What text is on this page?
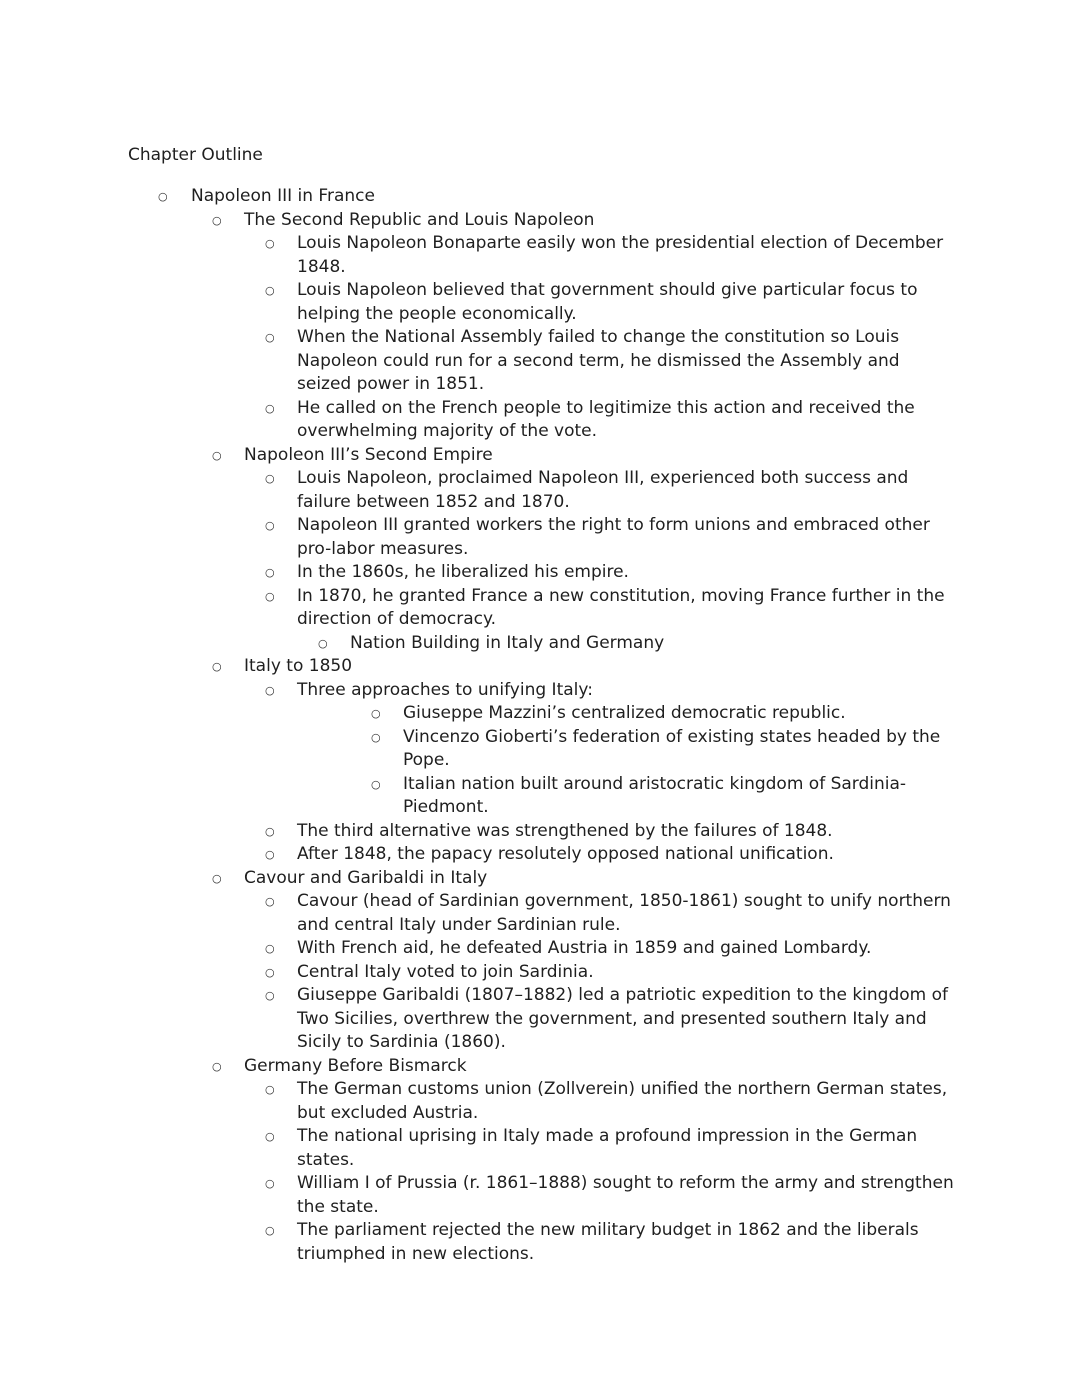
Chapter Outline
○ Napoleon III in France
○ The Second Republic and Louis Napoleon
○ Louis Napoleon Bonaparte easily won the presidential election of December 1848.
○ Louis Napoleon believed that government should give particular focus to helping the people economically.
○ When the National Assembly failed to change the constitution so Louis Napoleon could run for a second term, he dismissed the Assembly and seized power in 1851.
○ He called on the French people to legitimize this action and received the overwhelming majority of the vote.
○ Napoleon III’s Second Empire
○ Louis Napoleon, proclaimed Napoleon III, experienced both success and failure between 1852 and 1870.
○ Napoleon III granted workers the right to form unions and embraced other pro-labor measures.
○ In the 1860s, he liberalized his empire.
○ In 1870, he granted France a new constitution, moving France further in the direction of democracy.
○ Nation Building in Italy and Germany
○ Italy to 1850
○ Three approaches to unifying Italy:
○ Giuseppe Mazzini’s centralized democratic republic.
○ Vincenzo Gioberti’s federation of existing states headed by the Pope.
○ Italian nation built around aristocratic kingdom of Sardinia-Piedmont.
○ The third alternative was strengthened by the failures of 1848.
○ After 1848, the papacy resolutely opposed national unification.
○ Cavour and Garibaldi in Italy
○ Cavour (head of Sardinian government, 1850-1861) sought to unify northern and central Italy under Sardinian rule.
○ With French aid, he defeated Austria in 1859 and gained Lombardy.
○ Central Italy voted to join Sardinia.
○ Giuseppe Garibaldi (1807–1882) led a patriotic expedition to the kingdom of Two Sicilies, overthrew the government, and presented southern Italy and Sicily to Sardinia (1860).
○ Germany Before Bismarck
○ The German customs union (Zollverein) unified the northern German states, but excluded Austria.
○ The national uprising in Italy made a profound impression in the German states.
○ William I of Prussia (r. 1861–1888) sought to reform the army and strengthen the state.
○ The parliament rejected the new military budget in 1862 and the liberals triumphed in new elections.
